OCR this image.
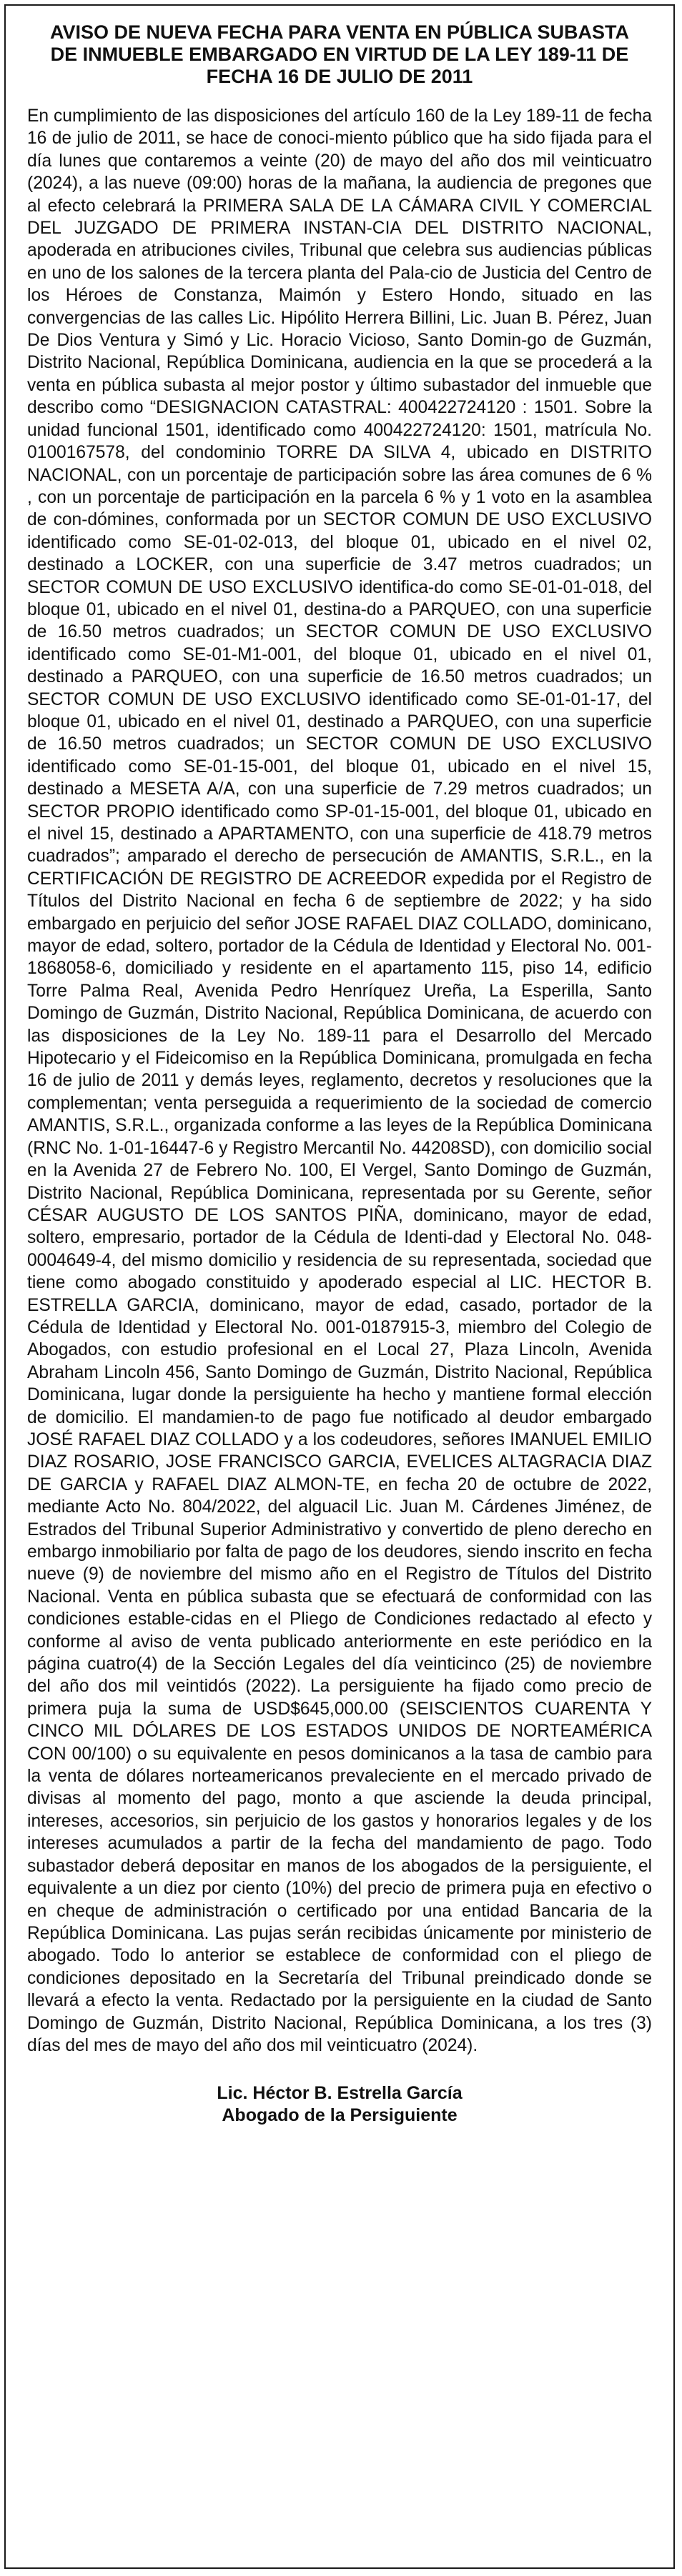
AVISO DE NUEVA FECHA PARA VENTA EN PÚBLICA SUBASTA DE INMUEBLE EMBARGADO EN VIRTUD DE LA LEY 189-11 DE FECHA 16 DE JULIO DE 2011

En cumplimiento de las disposiciones del artículo 160 de la Ley 189-11 de fecha 16 de julio de 2011, se hace de conoci-miento público que ha sido fijada para el día lunes que contaremos a veinte (20) de mayo del año dos mil veinticuatro (2024), a las nueve (09:00) horas de la mañana, la audiencia de pregones que al efecto celebrará la PRIMERA SALA DE LA CÁMARA CIVIL Y COMERCIAL DEL JUZGADO DE PRIMERA INSTAN-CIA DEL DISTRITO NACIONAL, apoderada en atribuciones civiles, Tribunal que celebra sus audiencias públicas en uno de los salones de la tercera planta del Pala-cio de Justicia del Centro de los Héroes de Constanza, Maimón y Estero Hondo, situado en las convergencias de las calles Lic. Hipólito Herrera Billini, Lic. Juan B. Pérez, Juan De Dios Ventura y Simó y Lic. Horacio Vicioso, Santo Domin-go de Guzmán, Distrito Nacional, República Dominicana, audiencia en la que se procederá a la venta en pública subasta al mejor postor y último subastador del inmueble que describo como “DESIGNACION CATASTRAL: 400422724120 : 1501. Sobre la unidad funcional 1501, identificado como 400422724120: 1501, matrícula No. 0100167578, del condominio TORRE DA SILVA 4, ubicado en DISTRITO NACIONAL, con un porcentaje de participación sobre las área comunes de 6 % , con un porcentaje de participación en la parcela 6 % y 1 voto en la asamblea de con-dómines, conformada por un SECTOR COMUN DE USO EXCLUSIVO identificado como SE-01-02-013, del bloque 01, ubicado en el nivel 02, destinado a LOCKER, con una superficie de 3.47 metros cuadrados; un SECTOR COMUN DE USO EXCLUSIVO identifica-do como SE-01-01-018, del bloque 01, ubicado en el nivel 01, destina-do a PARQUEO, con una superficie de 16.50 metros cuadrados; un SECTOR COMUN DE USO EXCLUSIVO identificado como SE-01-M1-001, del bloque 01, ubicado en el nivel 01, destinado a PARQUEO, con una superficie de 16.50 metros cuadrados; un SECTOR COMUN DE USO EXCLUSIVO identificado como SE-01-01-17, del bloque 01, ubicado en el nivel 01, destinado a PARQUEO, con una superficie de 16.50 metros cuadrados; un SECTOR COMUN DE USO EXCLUSIVO identificado como SE-01-15-001, del bloque 01, ubicado en el nivel 15, destinado a MESETA A/A, con una superficie de 7.29 metros cuadrados; un SECTOR PROPIO identificado como SP-01-15-001, del bloque 01, ubicado en el nivel 15, destinado a APARTAMENTO, con una superficie de 418.79 metros cuadrados”; amparado el derecho de persecución de AMANTIS, S.R.L., en la CERTIFICACIÓN DE REGISTRO DE ACREEDOR expedida por el Registro de Títulos del Distrito Nacional en fecha 6 de septiembre de 2022; y ha sido embargado en perjuicio del señor JOSE RAFAEL DIAZ COLLADO, dominicano, mayor de edad, soltero, portador de la Cédula de Identidad y Electoral No. 001-1868058-6, domiciliado y residente en el apartamento 115, piso 14, edificio Torre Palma Real, Avenida Pedro Henríquez Ureña, La Esperilla, Santo Domingo de Guzmán, Distrito Nacional, República Dominicana, de acuerdo con las disposiciones de la Ley No. 189-11 para el Desarrollo del Mercado Hipotecario y el Fideicomiso en la República Dominicana, promulgada en fecha 16 de julio de 2011 y demás leyes, reglamento, decretos y resoluciones que la complementan; venta perseguida a requerimiento de la sociedad de comercio AMANTIS, S.R.L., organizada conforme a las leyes de la República Dominicana (RNC No. 1-01-16447-6 y Registro Mercantil No. 44208SD), con domicilio social en la Avenida 27 de Febrero No. 100, El Vergel, Santo Domingo de Guzmán, Distrito Nacional, República Dominicana, representada por su Gerente, señor CÉSAR AUGUSTO DE LOS SANTOS PIÑA, dominicano, mayor de edad, soltero, empresario, portador de la Cédula de Identi-dad y Electoral No. 048-0004649-4, del mismo domicilio y residencia de su representada, sociedad que tiene como abogado constituido y apoderado especial al LIC. HECTOR B. ESTRELLA GARCIA, dominicano, mayor de edad, casado, portador de la Cédula de Identidad y Electoral No. 001-0187915-3, miembro del Colegio de Abogados, con estudio profesional en el Local 27, Plaza Lincoln, Avenida Abraham Lincoln 456, Santo Domingo de Guzmán, Distrito Nacional, República Dominicana, lugar donde la persiguiente ha hecho y mantiene formal elección de domicilio. El mandamien-to de pago fue notificado al deudor embargado JOSÉ RAFAEL DIAZ COLLADO y a los codeudores, señores IMANUEL EMILIO DIAZ ROSARIO, JOSE FRANCISCO GARCIA, EVELICES ALTAGRACIA DIAZ DE GARCIA y RAFAEL DIAZ ALMON-TE, en fecha 20 de octubre de 2022, mediante Acto No. 804/2022, del alguacil Lic. Juan M. Cárdenes Jiménez, de Estrados del Tribunal Superior Administrativo y convertido de pleno derecho en embargo inmobiliario por falta de pago de los deudores, siendo inscrito en fecha nueve (9) de noviembre del mismo año en el Registro de Títulos del Distrito Nacional. Venta en pública subasta que se efectuará de conformidad con las condiciones estable-cidas en el Pliego de Condiciones redactado al efecto y conforme al aviso de venta publicado anteriormente en este periódico en la página cuatro(4) de la Sección Legales del día veinticinco (25) de noviembre del año dos mil veintidós (2022). La persiguiente ha fijado como precio de primera puja la suma de USD$645,000.00 (SEISCIENTOS CUARENTA Y CINCO MIL DÓLARES DE LOS ESTADOS UNIDOS DE NORTEAMÉRICA CON 00/100) o su equivalente en pesos dominicanos a la tasa de cambio para la venta de dólares norteamericanos prevaleciente en el mercado privado de divisas al momento del pago, monto a que asciende la deuda principal, intereses, accesorios, sin perjuicio de los gastos y honorarios legales y de los intereses acumulados a partir de la fecha del mandamiento de pago. Todo subastador deberá depositar en manos de los abogados de la persiguiente, el equivalente a un diez por ciento (10%) del precio de primera puja en efectivo o en cheque de administración o certificado por una entidad Bancaria de la República Dominicana. Las pujas serán recibidas únicamente por ministerio de abogado. Todo lo anterior se establece de conformidad con el pliego de condiciones depositado en la Secretaría del Tribunal preindicado donde se llevará a efecto la venta. Redactado por la persiguiente en la ciudad de Santo Domingo de Guzmán, Distrito Nacional, República Dominicana, a los tres (3) días del mes de mayo del año dos mil veinticuatro (2024).

Lic. Héctor B. Estrella García
Abogado de la Persiguiente
